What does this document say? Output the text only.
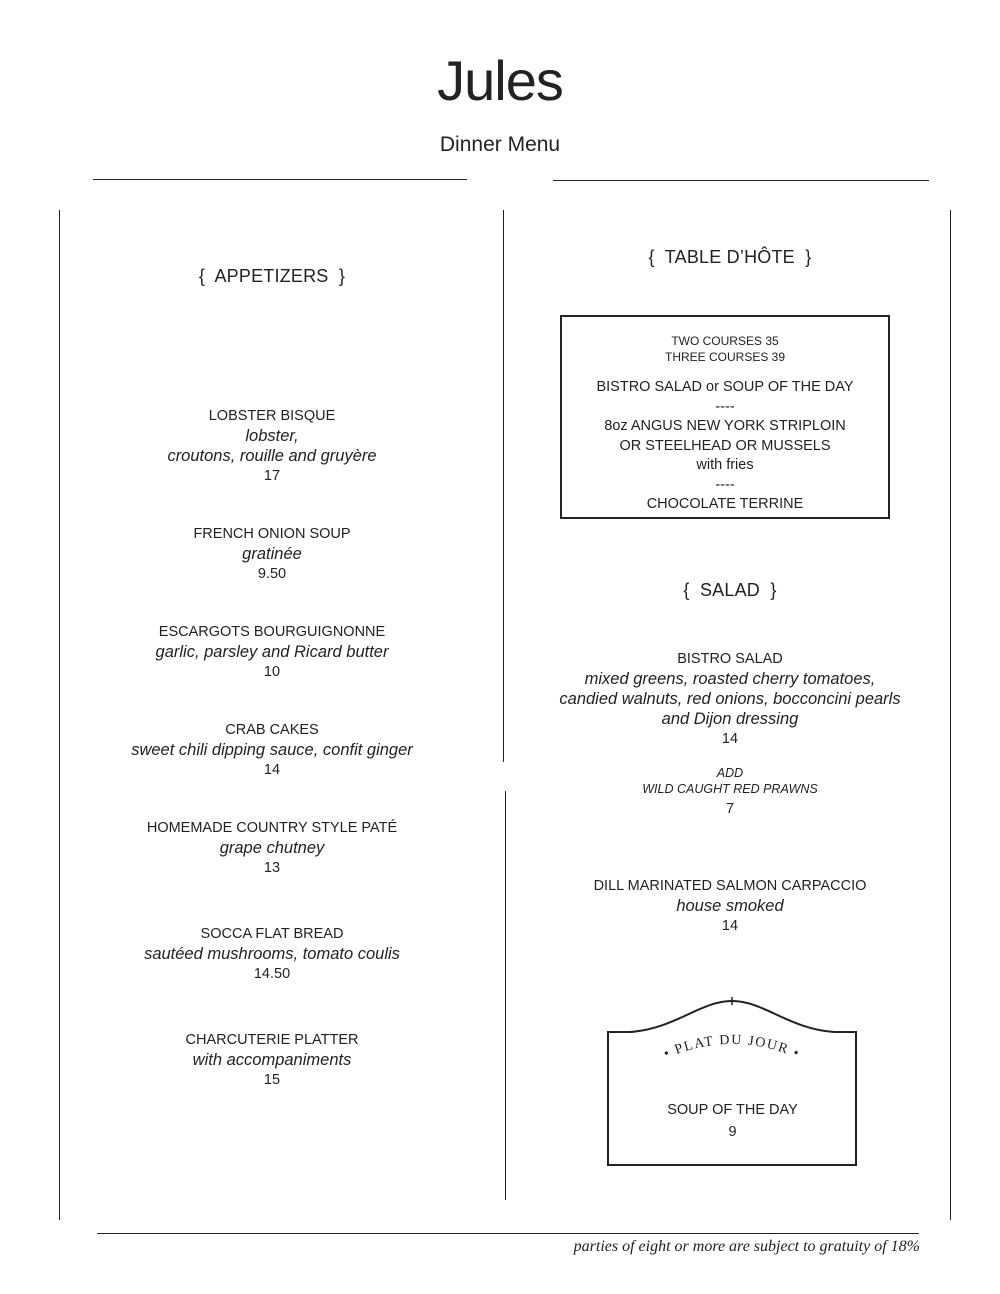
Jules
Dinner Menu
{  APPETIZERS  }
LOBSTER BISQUE
lobster,
croutons, rouille and gruyère
17
FRENCH ONION SOUP
gratinée
9.50
ESCARGOTS BOURGUIGNONNE
garlic, parsley and Ricard butter
10
CRAB CAKES
sweet chili dipping sauce, confit ginger
14
HOMEMADE COUNTRY STYLE PATÉ
grape chutney
13
SOCCA FLAT BREAD
sautéed mushrooms, tomato coulis
14.50
CHARCUTERIE PLATTER
with accompaniments
15
{  TABLE D’HÔTE  }
TWO COURSES 35
THREE COURSES 39
BISTRO SALAD or SOUP OF THE DAY
----
8oz ANGUS NEW YORK STRIPLOIN
OR STEELHEAD OR MUSSELS
with fries
----
CHOCOLATE TERRINE
{  SALAD  }
BISTRO SALAD
mixed greens, roasted cherry tomatoes,
candied walnuts, red onions, bocconcini pearls
and Dijon dressing
14
ADD
WILD CAUGHT RED PRAWNS
7
DILL MARINATED SALMON CARPACCIO
house smoked
14
• PLAT DU JOUR •
SOUP OF THE DAY
9
parties of eight or more are subject to gratuity of 18%
